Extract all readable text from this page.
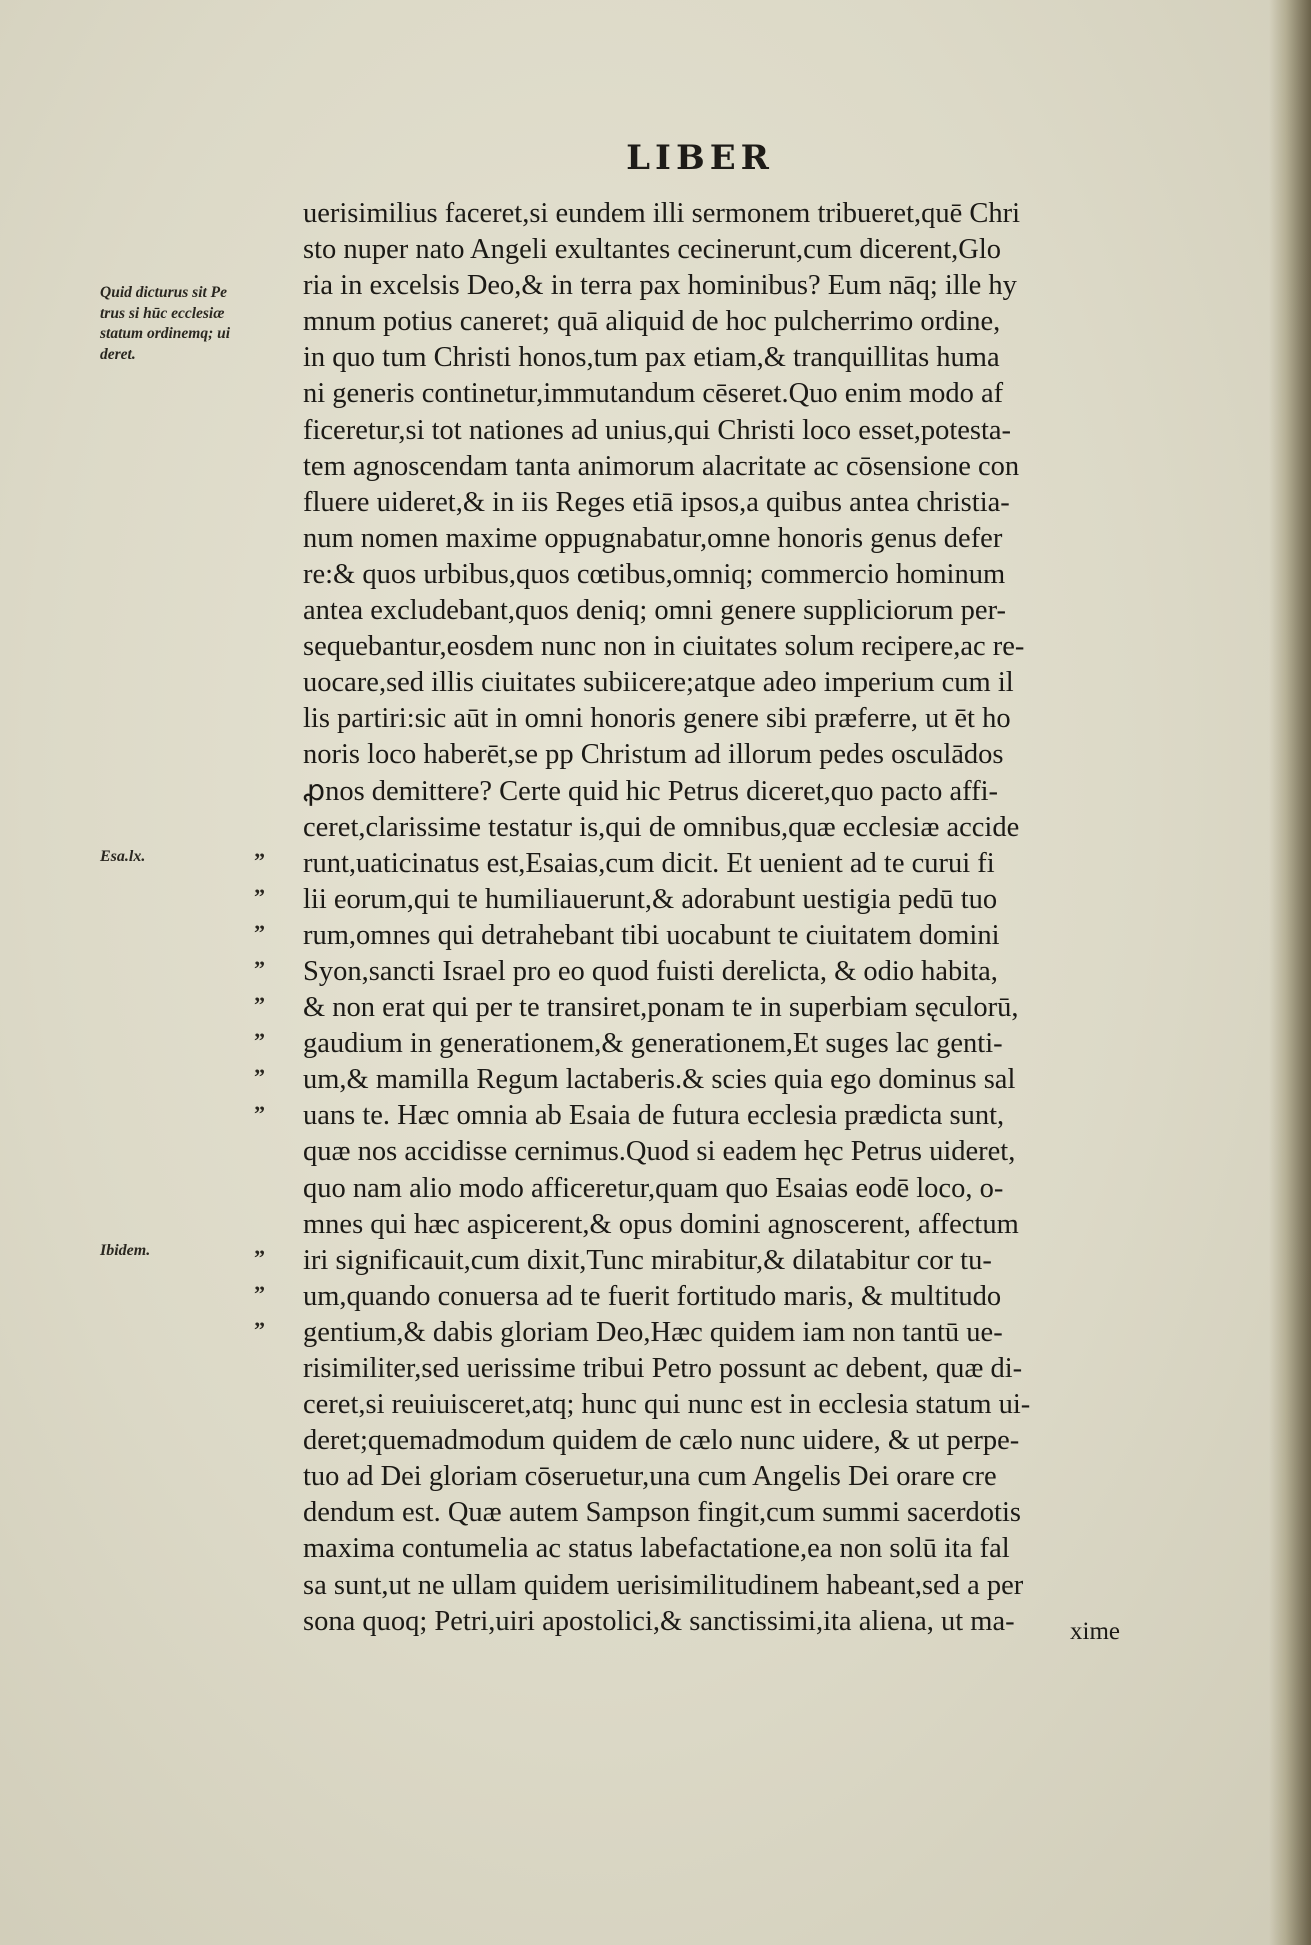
LIBER
Quid dicturus sit Pe
trus si hūc ecclesiæ
statum ordinemq; ui
deret.
Esa.lx.
Ibidem.
”
”
”
”
”
”
”
”
”
”
”
uerisimilius faceret,si eundem illi sermonem tribueret,quē Chri
sto nuper nato Angeli exultantes cecinerunt,cum dicerent,Glo
ria in excelsis Deo,& in terra pax hominibus? Eum nāq; ille hy
mnum potius caneret; quā aliquid de hoc pulcherrimo ordine,
in quo tum Christi honos,tum pax etiam,& tranquillitas huma
ni generis continetur,immutandum cēseret.Quo enim modo af
ficeretur,si tot nationes ad unius,qui Christi loco esset,potesta-
tem agnoscendam tanta animorum alacritate ac cōsensione con
fluere uideret,& in iis Reges etiā ipsos,a quibus antea christia-
num nomen maxime oppugnabatur,omne honoris genus defer
re:& quos urbibus,quos cœtibus,omniq; commercio hominum
antea excludebant,quos deniq; omni genere suppliciorum per-
sequebantur,eosdem nunc non in ciuitates solum recipere,ac re-
uocare,sed illis ciuitates subiicere;atque adeo imperium cum il
lis partiri:sic aūt in omni honoris genere sibi præferre, ut ēt ho
noris loco haberēt,se pp Christum ad illorum pedes osculādos
ꝓnos demittere? Certe quid hic Petrus diceret,quo pacto affi-
ceret,clarissime testatur is,qui de omnibus,quæ ecclesiæ accide
runt,uaticinatus est,Esaias,cum dicit. Et uenient ad te curui fi
lii eorum,qui te humiliauerunt,& adorabunt uestigia pedū tuo
rum,omnes qui detrahebant tibi uocabunt te ciuitatem domini
Syon,sancti Israel pro eo quod fuisti derelicta, & odio habita,
& non erat qui per te transiret,ponam te in superbiam sęculorū,
gaudium in generationem,& generationem,Et suges lac genti-
um,& mamilla Regum lactaberis.& scies quia ego dominus sal
uans te. Hæc omnia ab Esaia de futura ecclesia prædicta sunt,
quæ nos accidisse cernimus.Quod si eadem hęc Petrus uideret,
quo nam alio modo afficeretur,quam quo Esaias eodē loco, o-
mnes qui hæc aspicerent,& opus domini agnoscerent, affectum
iri significauit,cum dixit,Tunc mirabitur,& dilatabitur cor tu-
um,quando conuersa ad te fuerit fortitudo maris, & multitudo
gentium,& dabis gloriam Deo,Hæc quidem iam non tantū ue-
risimiliter,sed uerissime tribui Petro possunt ac debent, quæ di-
ceret,si reuiuisceret,atq; hunc qui nunc est in ecclesia statum ui-
deret;quemadmodum quidem de cælo nunc uidere, & ut perpe-
tuo ad Dei gloriam cōseruetur,una cum Angelis Dei orare cre
dendum est. Quæ autem Sampson fingit,cum summi sacerdotis
maxima contumelia ac status labefactatione,ea non solū ita fal
sa sunt,ut ne ullam quidem uerisimilitudinem habeant,sed a per
sona quoq; Petri,uiri apostolici,& sanctissimi,ita aliena, ut ma-	xime
